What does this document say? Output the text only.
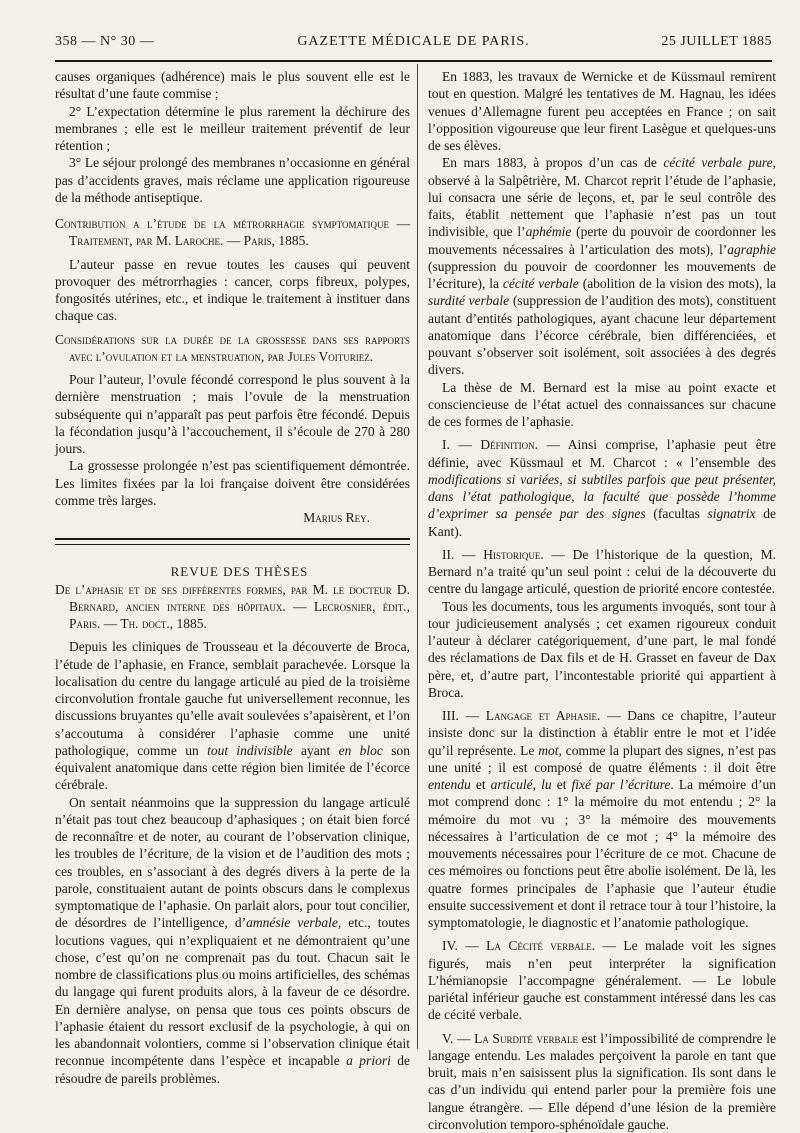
358 — N° 30 —	GAZETTE MÉDICALE DE PARIS.	25 JUILLET 1885

causes organiques (adhérence) mais le plus souvent elle est le résultat d’une faute commise ;

2° L’expectation détermine le plus rarement la déchirure des membranes ; elle est le meilleur traitement préventif de leur rétention ;

3° Le séjour prolongé des membranes n’occasionne en général pas d’accidents graves, mais réclame une application rigoureuse de la méthode antiseptique.

Contribution a l’étude de la métrorrhagie symptomatique — Traitement, par M. Laroche. — Paris, 1885.

L’auteur passe en revue toutes les causes qui peuvent provoquer des métrorrhagies : cancer, corps fibreux, polypes, fongosités utérines, etc., et indique le traitement à instituer dans chaque cas.

Considérations sur la durée de la grossesse dans ses rapports avec l’ovulation et la menstruation, par Jules Voituriez.

Pour l’auteur, l’ovule fécondé correspond le plus souvent à la dernière menstruation ; mais l’ovule de la menstruation subséquente qui n’apparaît pas peut parfois être fécondé. Depuis la fécondation jusqu’à l’accouchement, il s’écoule de 270 à 280 jours.

La grossesse prolongée n’est pas scientifiquement démontrée. Les limites fixées par la loi française doivent être considérées comme très larges.

Marius Rey.

REVUE DES THÈSES

De l’aphasie et de ses différentes formes, par M. le docteur D. Bernard, ancien interne des hôpitaux. — Lecrosnier, édit., Paris. — Th. doct., 1885.

Depuis les cliniques de Trousseau et la découverte de Broca, l’étude de l’aphasie, en France, semblait parachevée. Lorsque la localisation du centre du langage articulé au pied de la troisième circonvolution frontale gauche fut universellement reconnue, les discussions bruyantes qu’elle avait soulevées s’apaisèrent, et l’on s’accoutuma à considérer l’aphasie comme une unité pathologique, comme un tout indivisible ayant en bloc son équivalent anatomique dans cette région bien limitée de l’écorce cérébrale.

On sentait néanmoins que la suppression du langage articulé n’était pas tout chez beaucoup d’aphasiques ; on était bien forcé de reconnaître et de noter, au courant de l’observation clinique, les troubles de l’écriture, de la vision et de l’audition des mots ; ces troubles, en s’associant à des degrés divers à la perte de la parole, constituaient autant de points obscurs dans le complexus symptomatique de l’aphasie. On parlait alors, pour tout concilier, de désordres de l’intelligence, d’amnésie verbale, etc., toutes locutions vagues, qui n’expliquaient et ne démontraient qu’une chose, c’est qu’on ne comprenait pas du tout. Chacun sait le nombre de classifications plus ou moins artificielles, des schémas du langage qui furent produits alors, à la faveur de ce désordre. En dernière analyse, on pensa que tous ces points obscurs de l’aphasie étaient du ressort exclusif de la psychologie, à qui on les abandonnait volontiers, comme si l’observation clinique était reconnue incompétente dans l’espèce et incapable a priori de résoudre de pareils problèmes.

En 1883, les travaux de Wernicke et de Küssmaul remirent tout en question. Malgré les tentatives de M. Hagnau, les idées venues d’Allemagne furent peu acceptées en France ; on sait l’opposition vigoureuse que leur firent Lasègue et quelques-uns de ses élèves.

En mars 1883, à propos d’un cas de cécité verbale pure, observé à la Salpêtrière, M. Charcot reprit l’étude de l’aphasie, lui consacra une série de leçons, et, par le seul contrôle des faits, établit nettement que l’aphasie n’est pas un tout indivisible, que l’aphémie (perte du pouvoir de coordonner les mouvements nécessaires à l’articulation des mots), l’agraphie (suppression du pouvoir de coordonner les mouvements de l’écriture), la cécité verbale (abolition de la vision des mots), la surdité verbale (suppression de l’audition des mots), constituent autant d’entités pathologiques, ayant chacune leur département anatomique dans l’écorce cérébrale, bien différenciées, et pouvant s’observer soit isolément, soit associées à des degrés divers.

La thèse de M. Bernard est la mise au point exacte et consciencieuse de l’état actuel des connaissances sur chacune de ces formes de l’aphasie.

I. — Définition. — Ainsi comprise, l’aphasie peut être définie, avec Küssmaul et M. Charcot : « l’ensemble des modifications si variées, si subtiles parfois que peut présenter, dans l’état pathologique, la faculté que possède l’homme d’exprimer sa pensée par des signes (facultas signatrix de Kant).

II. — Historique. — De l’historique de la question, M. Bernard n’a traité qu’un seul point : celui de la découverte du centre du langage articulé, question de priorité encore contestée.

Tous les documents, tous les arguments invoqués, sont tour à tour judicieusement analysés ; cet examen rigoureux conduit l’auteur à déclarer catégoriquement, d’une part, le mal fondé des réclamations de Dax fils et de H. Grasset en faveur de Dax père, et, d’autre part, l’incontestable priorité qui appartient à Broca.

III. — Langage et Aphasie. — Dans ce chapitre, l’auteur insiste donc sur la distinction à établir entre le mot et l’idée qu’il représente. Le mot, comme la plupart des signes, n’est pas une unité ; il est composé de quatre éléments : il doit être entendu et articulé, lu et fixé par l’écriture. La mémoire d’un mot comprend donc : 1° la mémoire du mot entendu ; 2° la mémoire du mot vu ; 3° la mémoire des mouvements nécessaires à l’articulation de ce mot ; 4° la mémoire des mouvements nécessaires pour l’écriture de ce mot. Chacune de ces mémoires ou fonctions peut être abolie isolément. De là, les quatre formes principales de l’aphasie que l’auteur étudie ensuite successivement et dont il retrace tour à tour l’histoire, la symptomatologie, le diagnostic et l’anatomie pathologique.

IV. — La Cécité verbale. — Le malade voit les signes figurés, mais n’en peut interpréter la signification L’hémianopsie l’accompagne généralement. — Le lobule pariétal inférieur gauche est constamment intéressé dans les cas de cécité verbale.

V. — La Surdité verbale est l’impossibilité de comprendre le langage entendu. Les malades perçoivent la parole en tant que bruit, mais n’en saisissent plus la signification. Ils sont dans le cas d’un individu qui entend parler pour la première fois une langue étrangère. — Elle dépend d’une lésion de la première circonvolution temporo-sphénoïdale gauche.
